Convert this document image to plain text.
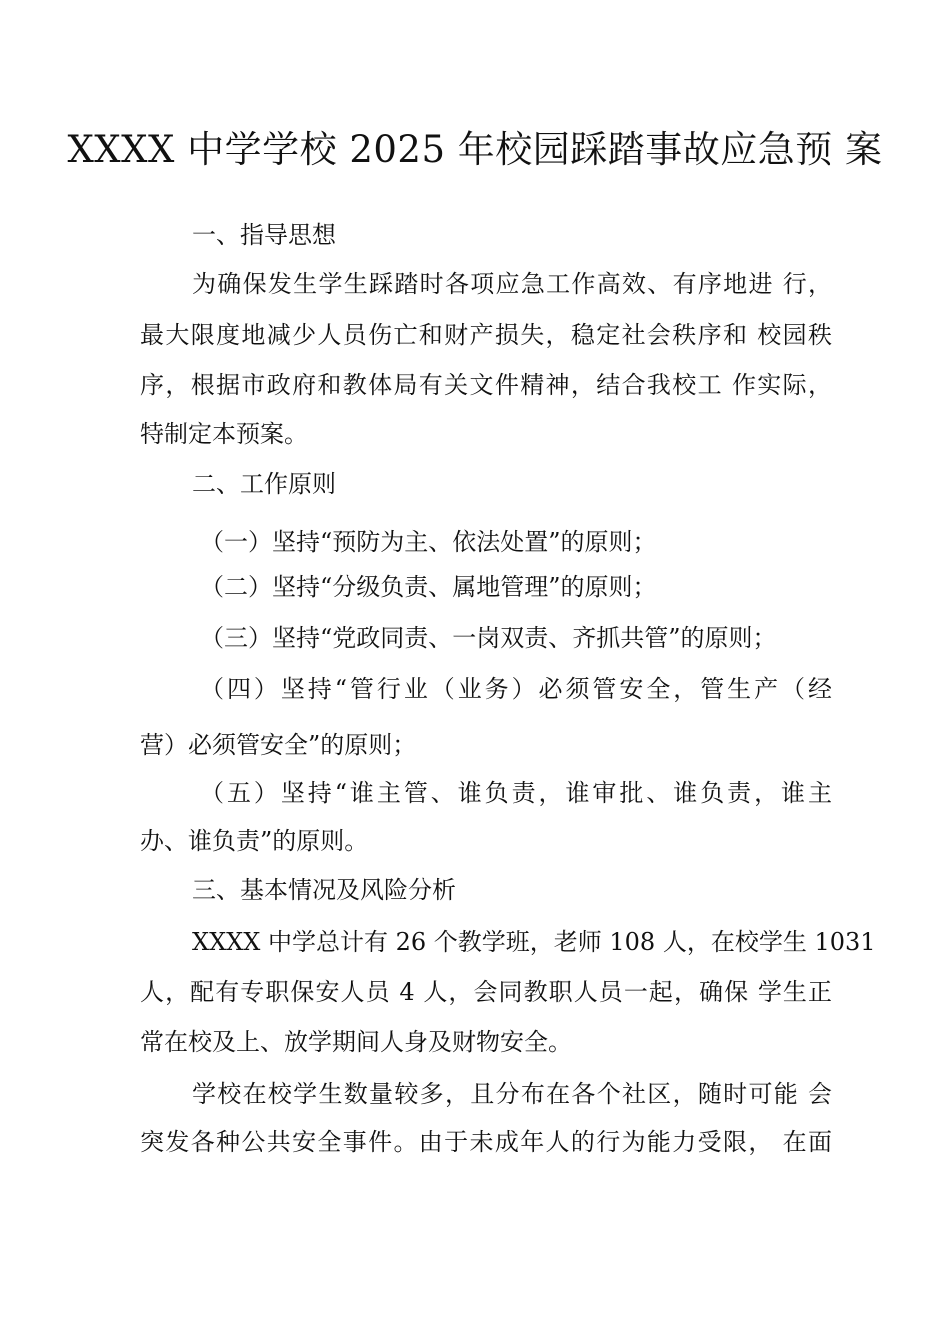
XXXX 中学学校 2025 年校园踩踏事故应急预 案
一、指导思想
为确保发生学生踩踏时各项应急工作高效、有序地进 行，
最大限度地减少人员伤亡和财产损失，稳定社会秩序和 校园秩
序，根据市政府和教体局有关文件精神，结合我校工 作实际，
特制定本预案。
二、工作原则
（一）坚持“预防为主、依法处置”的原则；
（二）坚持“分级负责、属地管理”的原则；
（三）坚持“党政同责、一岗双责、齐抓共管”的原则；
（四）坚持“管行业（业务）必须管安全，管生产（经
营）必须管安全”的原则；
（五）坚持“谁主管、谁负责，谁审批、谁负责，谁主
办、谁负责”的原则。
三、基本情况及风险分析
XXXX 中学总计有 26 个教学班，老师 108 人，在校学生 1031
人，配有专职保安人员 4 人，会同教职人员一起，确保 学生正
常在校及上、放学期间人身及财物安全。
学校在校学生数量较多，且分布在各个社区，随时可能 会
突发各种公共安全事件。由于未成年人的行为能力受限， 在面
